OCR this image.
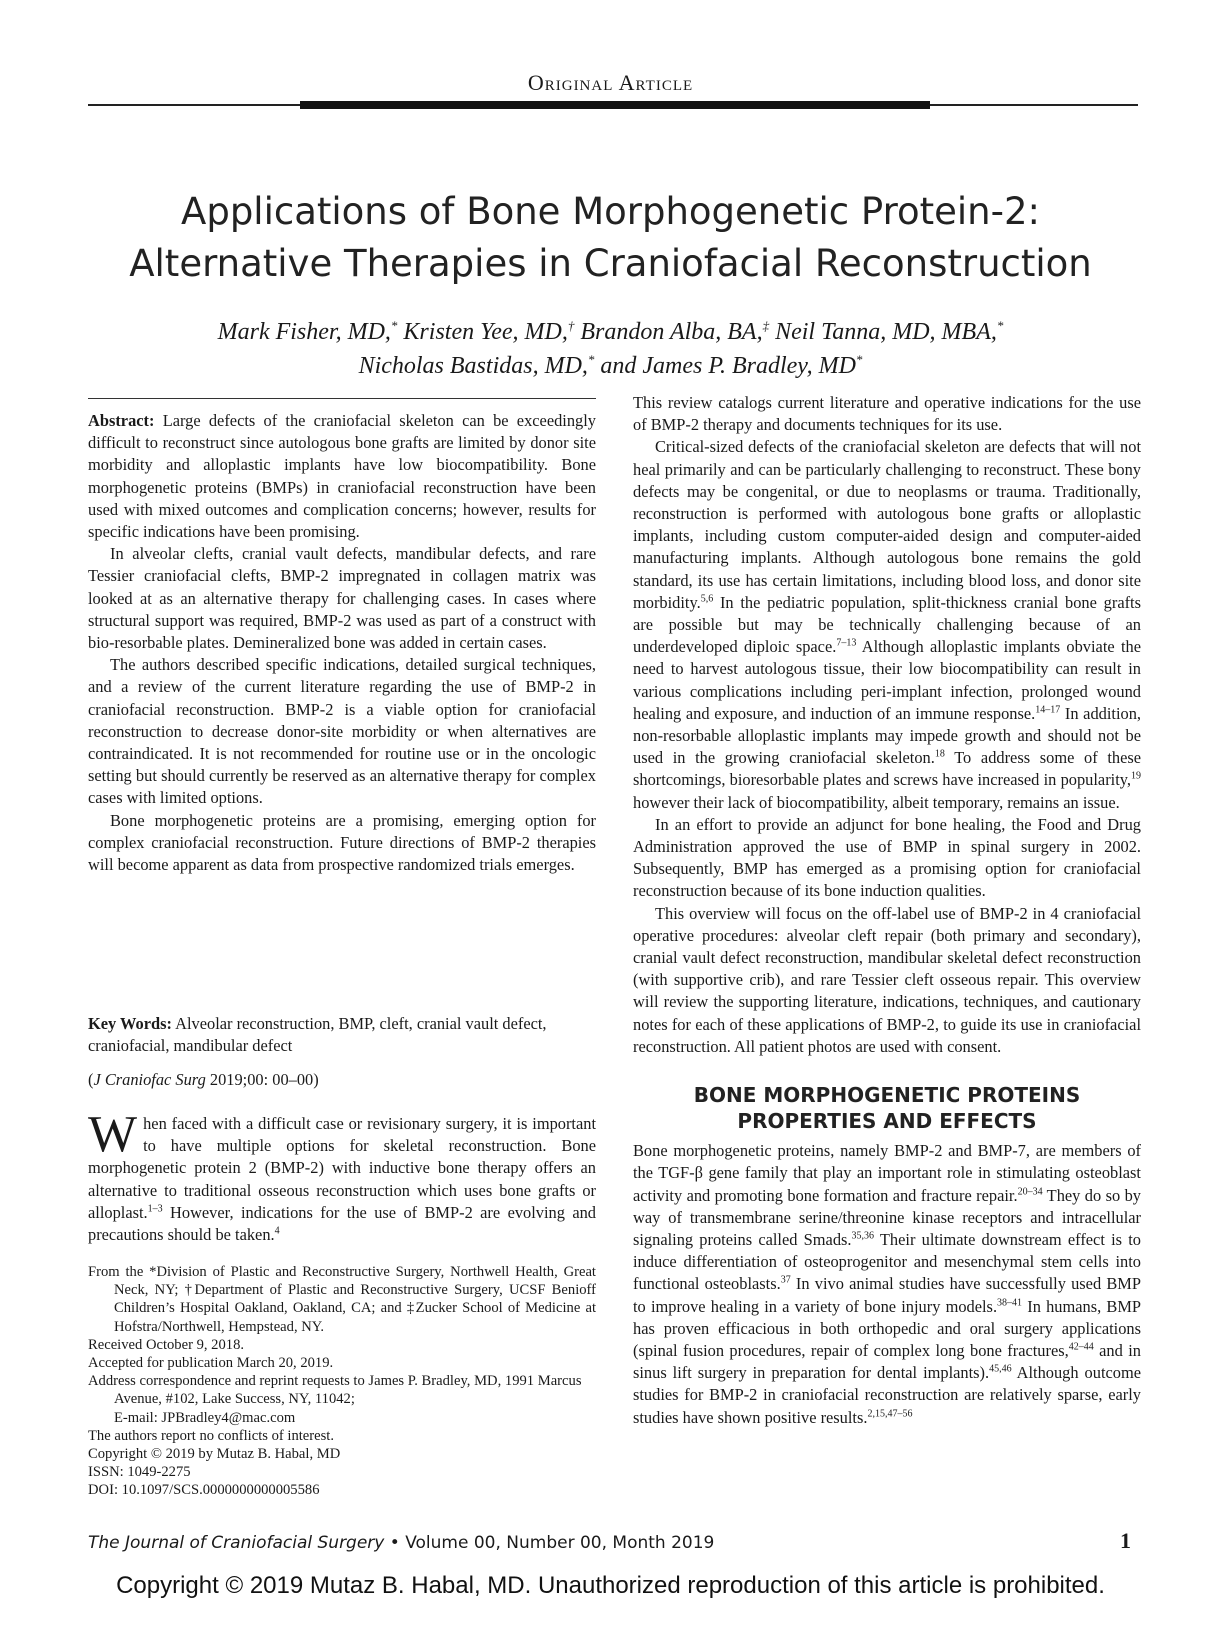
Original Article
Applications of Bone Morphogenetic Protein-2:
Alternative Therapies in Craniofacial Reconstruction
Mark Fisher, MD,* Kristen Yee, MD,† Brandon Alba, BA,‡ Neil Tanna, MD, MBA,*
Nicholas Bastidas, MD,* and James P. Bradley, MD*

Abstract: Large defects of the craniofacial skeleton can be exceedingly difficult to reconstruct since autologous bone grafts are limited by donor site morbidity and alloplastic implants have low biocompatibility. Bone morphogenetic proteins (BMPs) in craniofacial reconstruction have been used with mixed outcomes and complication concerns; however, results for specific indications have been promising.

In alveolar clefts, cranial vault defects, mandibular defects, and rare Tessier craniofacial clefts, BMP-2 impregnated in collagen matrix was looked at as an alternative therapy for challenging cases. In cases where structural support was required, BMP-2 was used as part of a construct with bio-resorbable plates. Demineralized bone was added in certain cases.

The authors described specific indications, detailed surgical techniques, and a review of the current literature regarding the use of BMP-2 in craniofacial reconstruction. BMP-2 is a viable option for craniofacial reconstruction to decrease donor-site morbidity or when alternatives are contraindicated. It is not recommended for routine use or in the oncologic setting but should currently be reserved as an alternative therapy for complex cases with limited options.

Bone morphogenetic proteins are a promising, emerging option for complex craniofacial reconstruction. Future directions of BMP-2 therapies will become apparent as data from prospective randomized trials emerges.

Key Words: Alveolar reconstruction, BMP, cleft, cranial vault defect, craniofacial, mandibular defect

(J Craniofac Surg 2019;00: 00–00)

When faced with a difficult case or revisionary surgery, it is important to have multiple options for skeletal reconstruction. Bone morphogenetic protein 2 (BMP-2) with inductive bone therapy offers an alternative to traditional osseous reconstruction which uses bone grafts or alloplast.$^{1-3}$ However, indications for the use of BMP-2 are evolving and precautions should be taken.$^4$

From the *Division of Plastic and Reconstructive Surgery, Northwell Health, Great Neck, NY; †Department of Plastic and Reconstructive Surgery, UCSF Benioff Children’s Hospital Oakland, Oakland, CA; and ‡Zucker School of Medicine at Hofstra/Northwell, Hempstead, NY.

Received October 9, 2018.

Accepted for publication March 20, 2019.

Address correspondence and reprint requests to James P. Bradley, MD, 1991 Marcus Avenue, #102, Lake Success, NY, 11042;

E-mail: JPBradley4@mac.com

The authors report no conflicts of interest.

Copyright © 2019 by Mutaz B. Habal, MD

ISSN: 1049-2275

DOI: 10.1097/SCS.0000000000005586

This review catalogs current literature and operative indications for the use of BMP-2 therapy and documents techniques for its use.

Critical-sized defects of the craniofacial skeleton are defects that will not heal primarily and can be particularly challenging to reconstruct. These bony defects may be congenital, or due to neoplasms or trauma. Traditionally, reconstruction is performed with autologous bone grafts or alloplastic implants, including custom computer-aided design and computer-aided manufacturing implants. Although autologous bone remains the gold standard, its use has certain limitations, including blood loss, and donor site morbidity.$^{5,6}$ In the pediatric population, split-thickness cranial bone grafts are possible but may be technically challenging because of an underdeveloped diploic space.$^{7-13}$ Although alloplastic implants obviate the need to harvest autologous tissue, their low biocompatibility can result in various complications including peri-implant infection, prolonged wound healing and exposure, and induction of an immune response.$^{14-17}$ In addition, non-resorbable alloplastic implants may impede growth and should not be used in the growing craniofacial skeleton.$^{18}$ To address some of these shortcomings, bioresorbable plates and screws have increased in popularity,$^{19}$ however their lack of biocompatibility, albeit temporary, remains an issue.

In an effort to provide an adjunct for bone healing, the Food and Drug Administration approved the use of BMP in spinal surgery in 2002. Subsequently, BMP has emerged as a promising option for craniofacial reconstruction because of its bone induction qualities.

This overview will focus on the off-label use of BMP-2 in 4 craniofacial operative procedures: alveolar cleft repair (both primary and secondary), cranial vault defect reconstruction, mandibular skeletal defect reconstruction (with supportive crib), and rare Tessier cleft osseous repair. This overview will review the supporting literature, indications, techniques, and cautionary notes for each of these applications of BMP-2, to guide its use in craniofacial reconstruction. All patient photos are used with consent.

BONE MORPHOGENETIC PROTEINS
PROPERTIES AND EFFECTS

Bone morphogenetic proteins, namely BMP-2 and BMP-7, are members of the TGF-β gene family that play an important role in stimulating osteoblast activity and promoting bone formation and fracture repair.$^{20-34}$ They do so by way of transmembrane serine/threonine kinase receptors and intracellular signaling proteins called Smads.$^{35,36}$ Their ultimate downstream effect is to induce differentiation of osteoprogenitor and mesenchymal stem cells into functional osteoblasts.$^{37}$ In vivo animal studies have successfully used BMP to improve healing in a variety of bone injury models.$^{38-41}$ In humans, BMP has proven efficacious in both orthopedic and oral surgery applications (spinal fusion procedures, repair of complex long bone fractures,$^{42-44}$ and in sinus lift surgery in preparation for dental implants).$^{45,46}$ Although outcome studies for BMP-2 in craniofacial reconstruction are relatively sparse, early studies have shown positive results.$^{2,15,47-56}$

The Journal of Craniofacial Surgery • Volume 00, Number 00, Month 2019	1
Copyright © 2019 Mutaz B. Habal, MD. Unauthorized reproduction of this article is prohibited.
